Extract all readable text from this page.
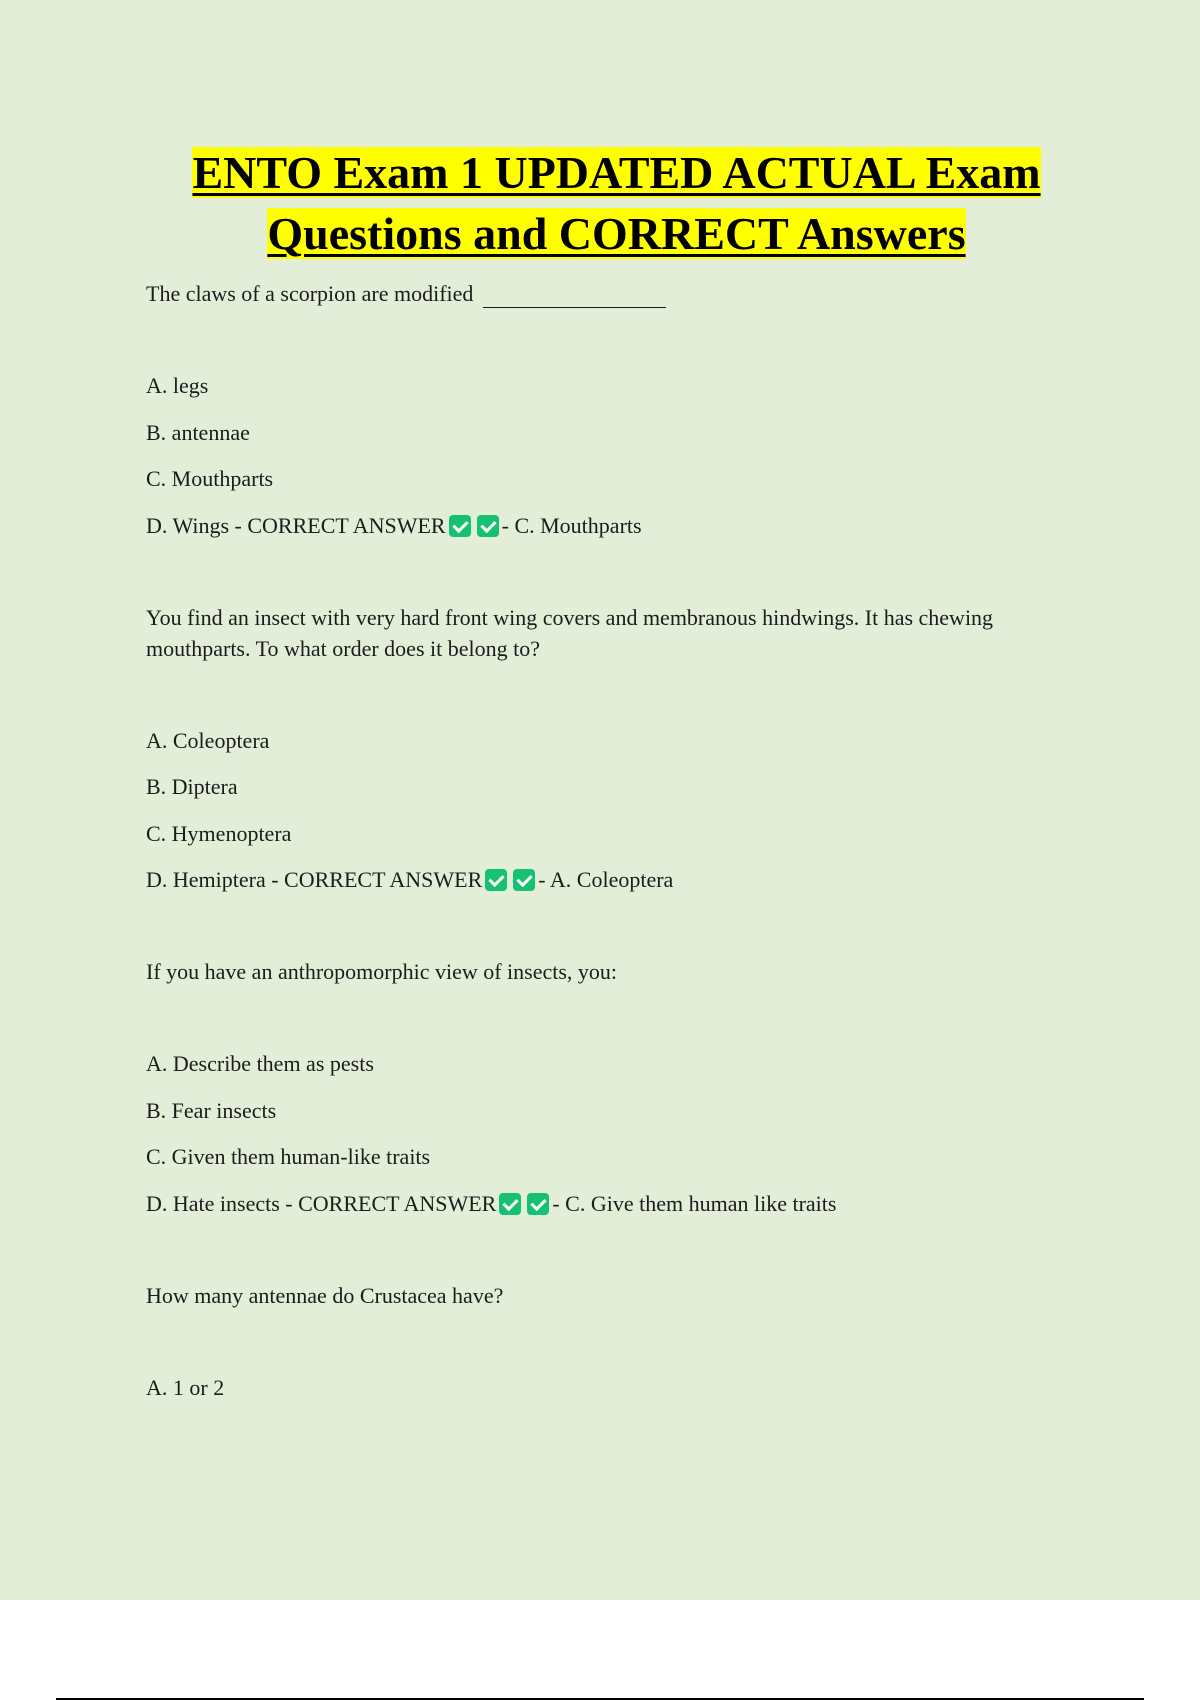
ENTO Exam 1 UPDATED ACTUAL Exam
Questions and CORRECT Answers
The claws of a scorpion are modified
A. legs
B. antennae
C. Mouthparts
D. Wings - CORRECT ANSWER	- C. Mouthparts
You find an insect with very hard front wing covers and membranous hindwings. It has chewing mouthparts. To what order does it belong to?
A. Coleoptera
B. Diptera
C. Hymenoptera
D. Hemiptera - CORRECT ANSWER	- A. Coleoptera
If you have an anthropomorphic view of insects, you:
A. Describe them as pests
B. Fear insects
C. Given them human-like traits
D. Hate insects - CORRECT ANSWER	- C. Give them human like traits
How many antennae do Crustacea have?
A. 1 or 2
